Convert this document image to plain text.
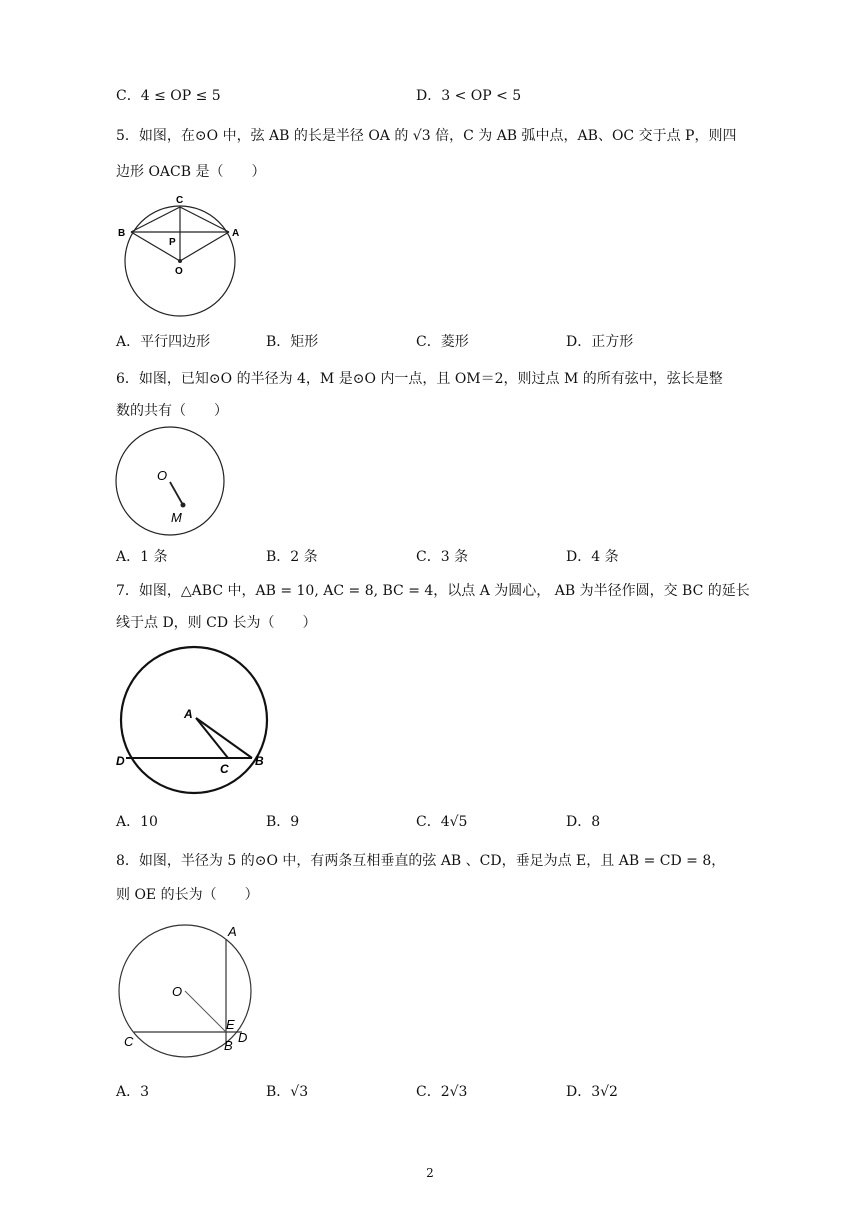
C．4 ≤ OP ≤ 5	D．3 < OP < 5
5．如图，在⊙O 中，弦 AB 的长是半径 OA 的 √3 倍，C 为 AB 弧中点，AB、OC 交于点 P，则四
边形 OACB 是（　　）
C
B	A
P
O
A．平行四边形	B．矩形	C．菱形	D．正方形
6．如图，已知⊙O 的半径为 4，M 是⊙O 内一点，且 OM＝2，则过点 M 的所有弦中，弦长是整
数的共有（　　）
O
M
A．1 条	B．2 条	C．3 条	D．4 条
7．如图，△ABC 中，AB = 10, AC = 8, BC = 4，以点 A 为圆心， AB 为半径作圆，交 BC 的延长
线于点 D，则 CD 长为（　　）
A
D
C
B
A．10	B．9	C．4√5	D．8
8．如图，半径为 5 的⊙O 中，有两条互相垂直的弦 AB 、CD，垂足为点 E，且 AB = CD = 8，
则 OE 的长为（　　）
A
O
E
D
C	B
A．3	B．√3	C．2√3	D．3√2
2
